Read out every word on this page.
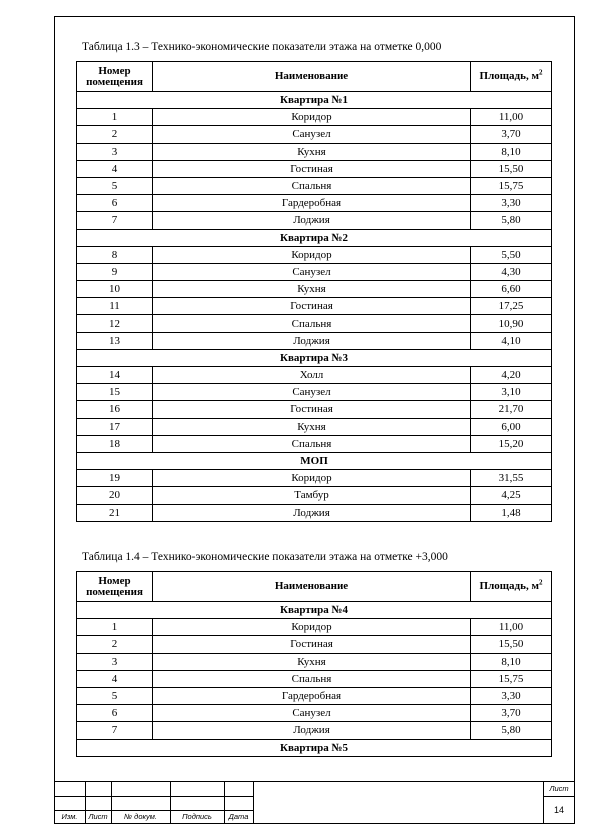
Таблица 1.3 – Технико-экономические показатели этажа на отметке 0,000
Номер помещения	Наименование	Площадь, $м^2$
Квартира №1		
1	Коридор	11,00
2	Санузел	3,70
3	Кухня	8,10
4	Гостиная	15,50
5	Спальня	15,75
6	Гардеробная	3,30
7	Лоджия	5,80
Квартира №2		
8	Коридор	5,50
9	Санузел	4,30
10	Кухня	6,60
11	Гостиная	17,25
12	Спальня	10,90
13	Лоджия	4,10
Квартира №3		
14	Холл	4,20
15	Санузел	3,10
16	Гостиная	21,70
17	Кухня	6,00
18	Спальня	15,20
МОП		
19	Коридор	31,55
20	Тамбур	4,25
21	Лоджия	1,48
Таблица 1.4 – Технико-экономические показатели этажа на отметке +3,000
Номер помещения	Наименование	Площадь, $м^2$
Квартира №4		
1	Коридор	11,00
2	Гостиная	15,50
3	Кухня	8,10
4	Спальня	15,75
5	Гардеробная	3,30
6	Санузел	3,70
7	Лоджия	5,80
Квартира №5		
Изм.	Лист	№ докум.	Подпись	Дата
Лист
14
